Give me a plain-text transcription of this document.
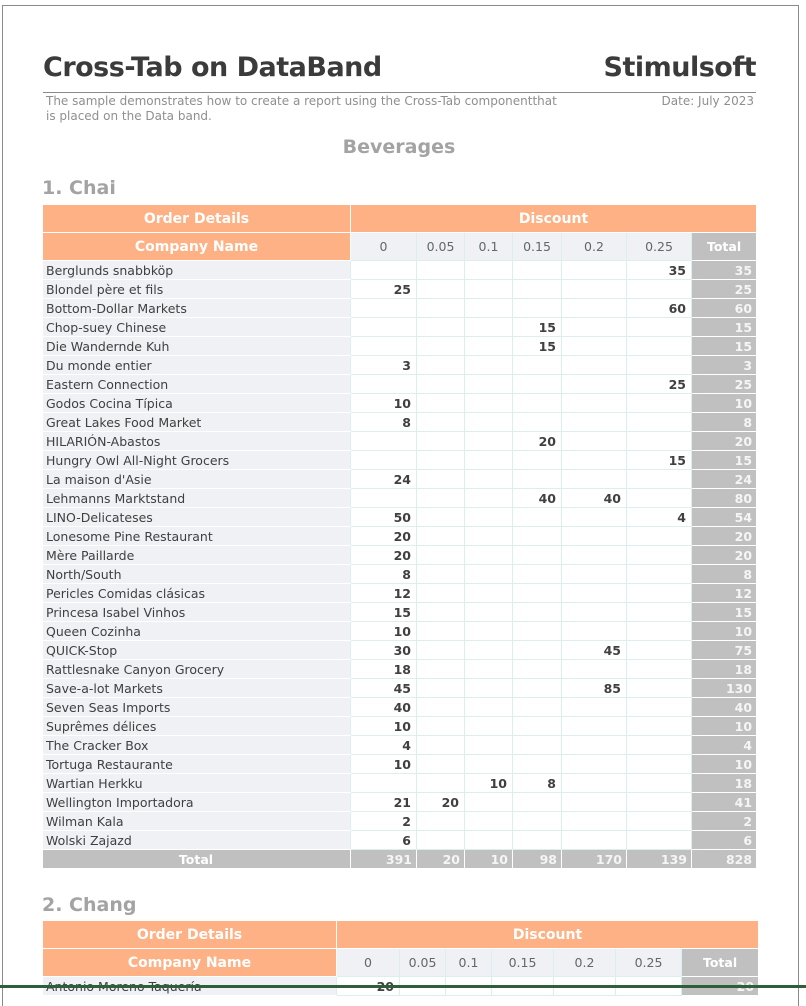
Cross-Tab on DataBand	Stimulsoft
The sample demonstrates how to create a report using the Cross-Tab componentthat is placed on the Data band.
Date: July 2023
Beverages
1. Chai
Order Details	Discount						
Company Name	0	0.05	0.1	0.15	0.2	0.25	Total
Berglunds snabbköp						35	35
Blondel père et fils	25						25
Bottom-Dollar Markets						60	60
Chop-suey Chinese				15			15
Die Wandernde Kuh				15			15
Du monde entier	3						3
Eastern Connection						25	25
Godos Cocina Típica	10						10
Great Lakes Food Market	8						8
HILARIÓN-Abastos				20			20
Hungry Owl All-Night Grocers						15	15
La maison d'Asie	24						24
Lehmanns Marktstand				40	40		80
LINO-Delicateses	50					4	54
Lonesome Pine Restaurant	20						20
Mère Paillarde	20						20
North/South	8						8
Pericles Comidas clásicas	12						12
Princesa Isabel Vinhos	15						15
Queen Cozinha	10						10
QUICK-Stop	30				45		75
Rattlesnake Canyon Grocery	18						18
Save-a-lot Markets	45				85		130
Seven Seas Imports	40						40
Suprêmes délices	10						10
The Cracker Box	4						4
Tortuga Restaurante	10						10
Wartian Herkku			10	8			18
Wellington Importadora	21	20					41
Wilman Kala	2						2
Wolski Zajazd	6						6
Total	391	20	10	98	170	139	828
2. Chang
Order Details	Discount						
Company Name	0	0.05	0.1	0.15	0.2	0.25	Total
